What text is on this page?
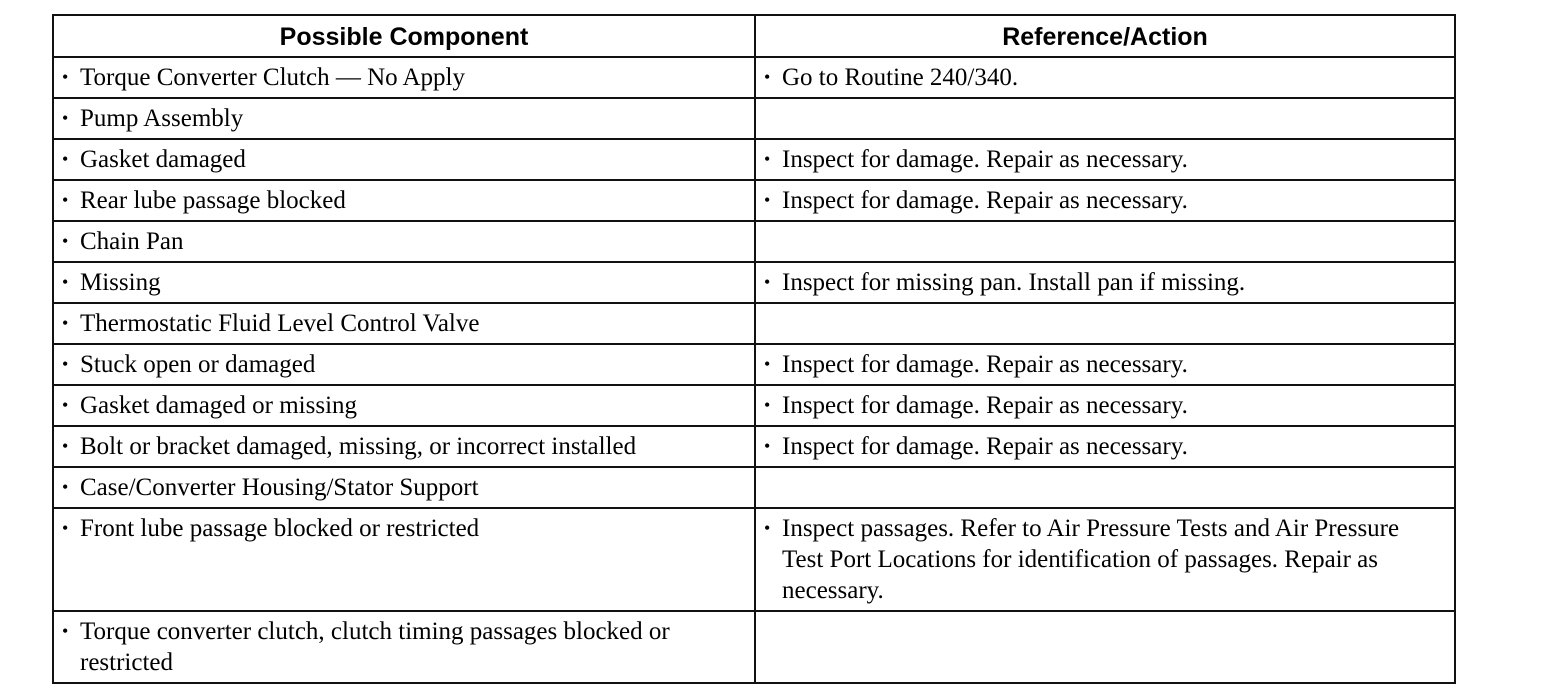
Possible Component	Reference/Action

• Torque Converter Clutch — No Apply	• Go to Routine 240/340.

• Pump Assembly	

• Gasket damaged	• Inspect for damage. Repair as necessary.

• Rear lube passage blocked	• Inspect for damage. Repair as necessary.

• Chain Pan	

• Missing	• Inspect for missing pan. Install pan if missing.

• Thermostatic Fluid Level Control Valve	

• Stuck open or damaged	• Inspect for damage. Repair as necessary.

• Gasket damaged or missing	• Inspect for damage. Repair as necessary.

• Bolt or bracket damaged, missing, or incorrect installed	• Inspect for damage. Repair as necessary.

• Case/Converter Housing/Stator Support	

• Front lube passage blocked or restricted	• Inspect passages. Refer to Air Pressure Tests and Air Pressure Test Port Locations for identification of passages. Repair as necessary.

• Torque converter clutch, clutch timing passages blocked or restricted	
